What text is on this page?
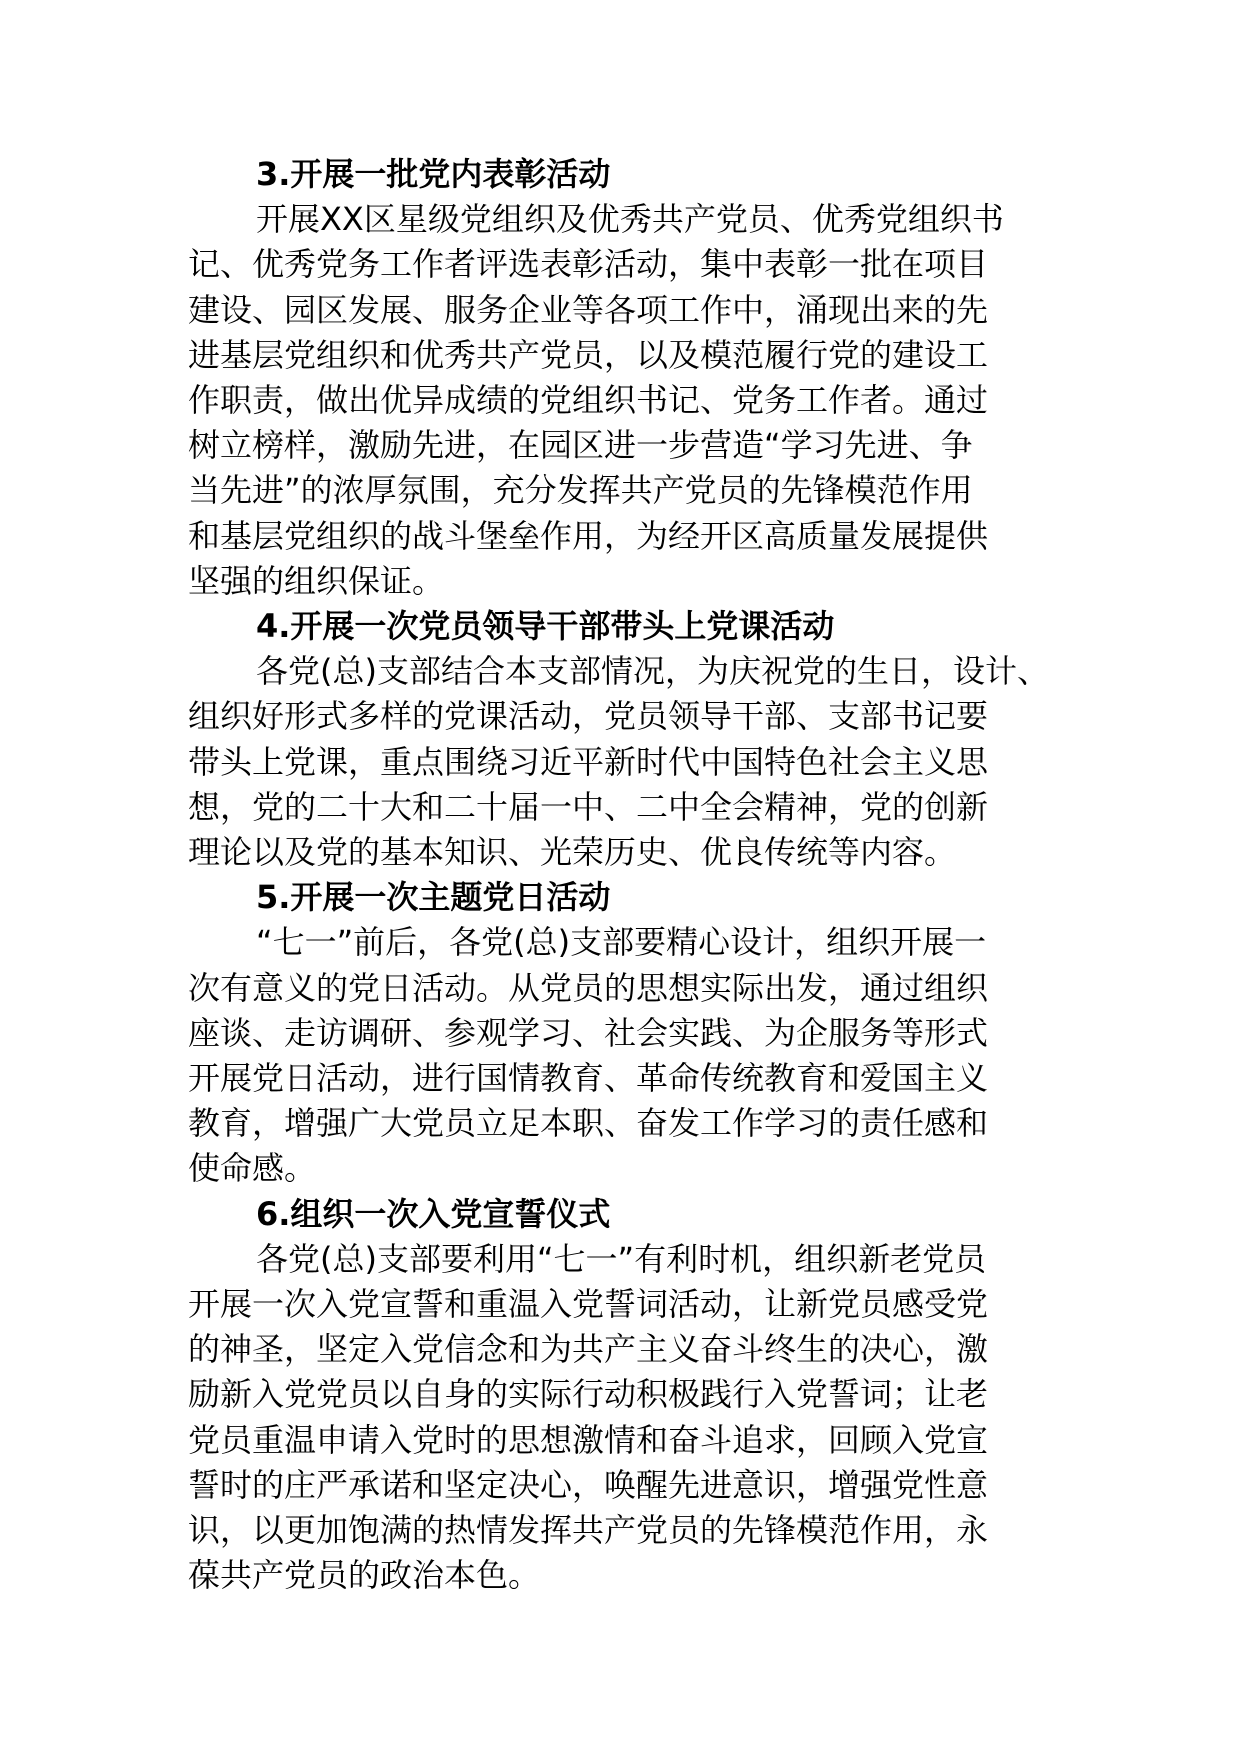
3.开展一批党内表彰活动

开展XX区星级党组织及优秀共产党员、优秀党组织书
记、优秀党务工作者评选表彰活动，集中表彰一批在项目
建设、园区发展、服务企业等各项工作中，涌现出来的先
进基层党组织和优秀共产党员，以及模范履行党的建设工
作职责，做出优异成绩的党组织书记、党务工作者。通过
树立榜样，激励先进，在园区进一步营造“学习先进、争
当先进”的浓厚氛围，充分发挥共产党员的先锋模范作用
和基层党组织的战斗堡垒作用，为经开区高质量发展提供
坚强的组织保证。

4.开展一次党员领导干部带头上党课活动

各党(总)支部结合本支部情况，为庆祝党的生日，设计、
组织好形式多样的党课活动，党员领导干部、支部书记要
带头上党课，重点围绕习近平新时代中国特色社会主义思
想，党的二十大和二十届一中、二中全会精神，党的创新
理论以及党的基本知识、光荣历史、优良传统等内容。

5.开展一次主题党日活动

“七一”前后，各党(总)支部要精心设计，组织开展一
次有意义的党日活动。从党员的思想实际出发，通过组织
座谈、走访调研、参观学习、社会实践、为企服务等形式
开展党日活动，进行国情教育、革命传统教育和爱国主义
教育，增强广大党员立足本职、奋发工作学习的责任感和
使命感。

6.组织一次入党宣誓仪式

各党(总)支部要利用“七一”有利时机，组织新老党员
开展一次入党宣誓和重温入党誓词活动，让新党员感受党
的神圣，坚定入党信念和为共产主义奋斗终生的决心，激
励新入党党员以自身的实际行动积极践行入党誓词；让老
党员重温申请入党时的思想激情和奋斗追求，回顾入党宣
誓时的庄严承诺和坚定决心，唤醒先进意识，增强党性意
识，以更加饱满的热情发挥共产党员的先锋模范作用，永
葆共产党员的政治本色。
